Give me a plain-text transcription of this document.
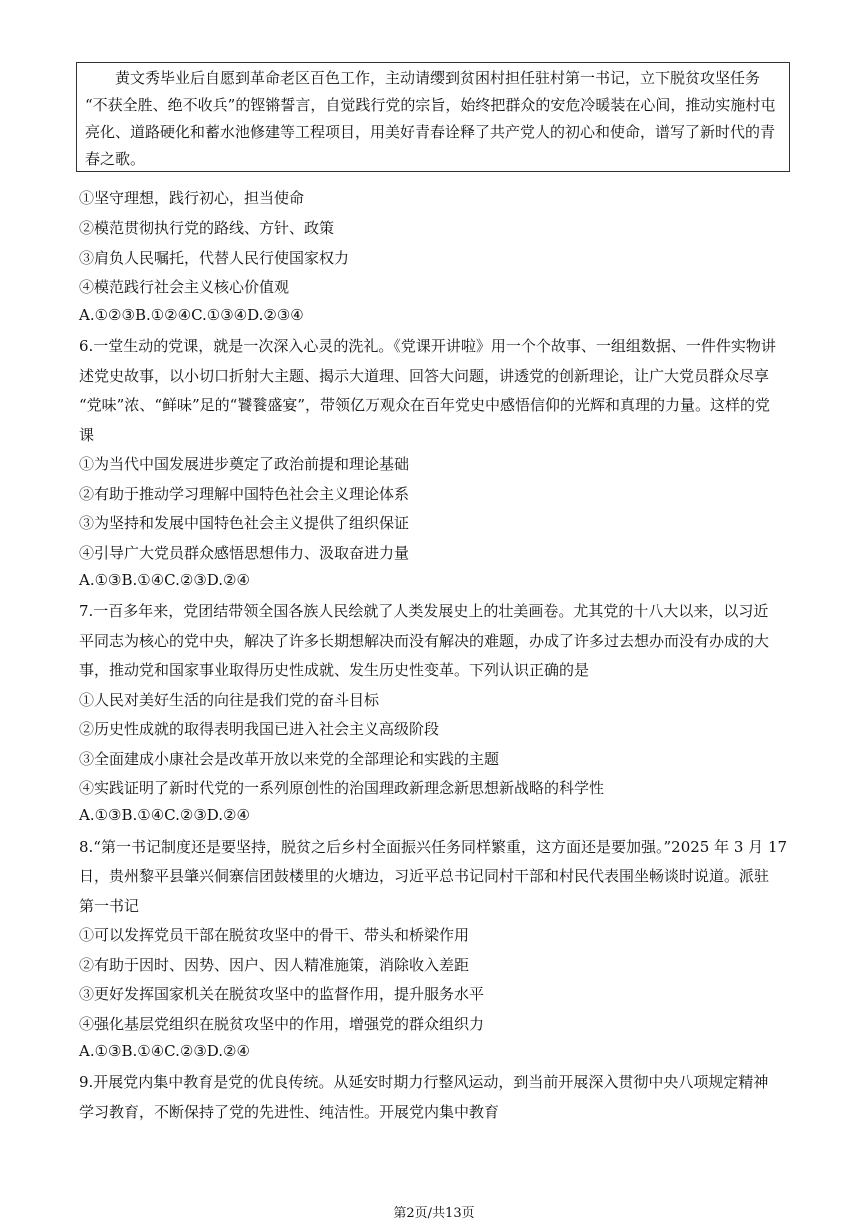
　　黄文秀毕业后自愿到革命老区百色工作，主动请缨到贫困村担任驻村第一书记，立下脱贫攻坚任务
“不获全胜、绝不收兵”的铿锵誓言，自觉践行党的宗旨，始终把群众的安危冷暖装在心间，推动实施村屯
亮化、道路硬化和蓄水池修建等工程项目，用美好青春诠释了共产党人的初心和使命，谱写了新时代的青
春之歌。
①坚守理想，践行初心，担当使命
②模范贯彻执行党的路线、方针、政策
③肩负人民嘱托，代替人民行使国家权力
④模范践行社会主义核心价值观
A.①②③B.①②④C.①③④D.②③④
6.一堂生动的党课，就是一次深入心灵的洗礼。《党课开讲啦》用一个个故事、一组组数据、一件件实物讲
述党史故事，以小切口折射大主题、揭示大道理、回答大问题，讲透党的创新理论，让广大党员群众尽享
“党味”浓、“鲜味”足的“饕餮盛宴”，带领亿万观众在百年党史中感悟信仰的光辉和真理的力量。这样的党
课
①为当代中国发展进步奠定了政治前提和理论基础
②有助于推动学习理解中国特色社会主义理论体系
③为坚持和发展中国特色社会主义提供了组织保证
④引导广大党员群众感悟思想伟力、汲取奋进力量
A.①③B.①④C.②③D.②④
7.一百多年来，党团结带领全国各族人民绘就了人类发展史上的壮美画卷。尤其党的十八大以来，以习近
平同志为核心的党中央，解决了许多长期想解决而没有解决的难题，办成了许多过去想办而没有办成的大
事，推动党和国家事业取得历史性成就、发生历史性变革。下列认识正确的是
①人民对美好生活的向往是我们党的奋斗目标
②历史性成就的取得表明我国已进入社会主义高级阶段
③全面建成小康社会是改革开放以来党的全部理论和实践的主题
④实践证明了新时代党的一系列原创性的治国理政新理念新思想新战略的科学性
A.①③B.①④C.②③D.②④
8.“第一书记制度还是要坚持，脱贫之后乡村全面振兴任务同样繁重，这方面还是要加强。”2025 年 3 月 17
日，贵州黎平县肇兴侗寨信团鼓楼里的火塘边，习近平总书记同村干部和村民代表围坐畅谈时说道。派驻
第一书记
①可以发挥党员干部在脱贫攻坚中的骨干、带头和桥梁作用
②有助于因时、因势、因户、因人精准施策，消除收入差距
③更好发挥国家机关在脱贫攻坚中的监督作用，提升服务水平
④强化基层党组织在脱贫攻坚中的作用，增强党的群众组织力
A.①③B.①④C.②③D.②④
9.开展党内集中教育是党的优良传统。从延安时期力行整风运动，到当前开展深入贯彻中央八项规定精神
学习教育，不断保持了党的先进性、纯洁性。开展党内集中教育
第2页/共13页
